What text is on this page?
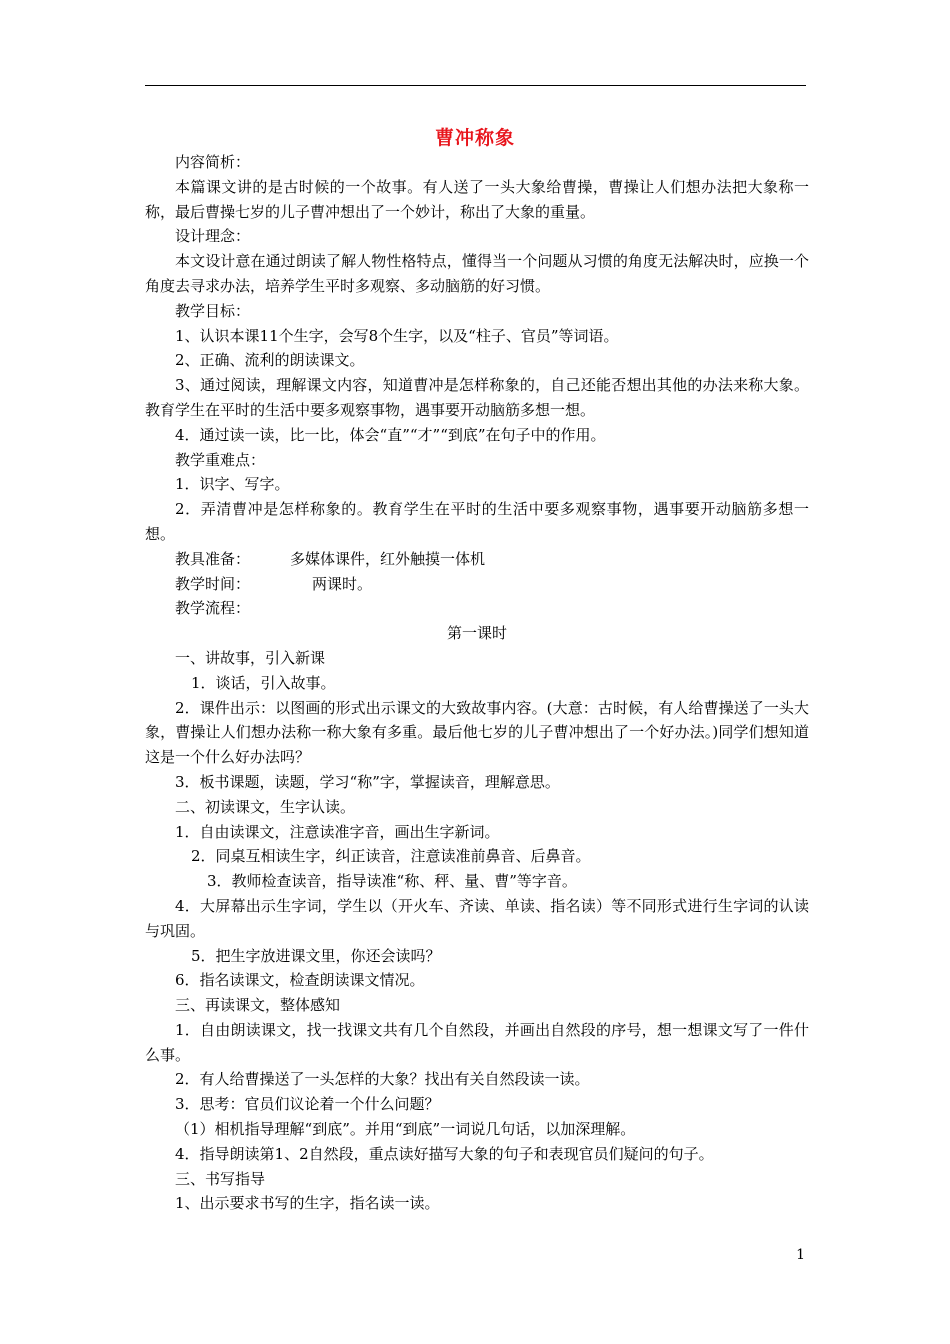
曹冲称象

内容简析：

本篇课文讲的是古时候的一个故事。有人送了一头大象给曹操，曹操让人们想办法把大象称一称，最后曹操七岁的儿子曹冲想出了一个妙计，称出了大象的重量。

设计理念：

本文设计意在通过朗读了解人物性格特点，懂得当一个问题从习惯的角度无法解决时，应换一个角度去寻求办法，培养学生平时多观察、多动脑筋的好习惯。

教学目标：

1、认识本课11个生字，会写8个生字，以及“柱子、官员”等词语。

2、正确、流利的朗读课文。

3、通过阅读，理解课文内容，知道曹冲是怎样称象的，自己还能否想出其他的办法来称大象。教育学生在平时的生活中要多观察事物，遇事要开动脑筋多想一想。

4．通过读一读，比一比，体会“直”“才”“到底”在句子中的作用。

教学重难点：

1．识字、写字。

2．弄清曹冲是怎样称象的。教育学生在平时的生活中要多观察事物，遇事要开动脑筋多想一想。

教具准备：	多媒体课件，红外触摸一体机

教学时间：	两课时。

教学流程：

第一课时

一、讲故事，引入新课

1．谈话，引入故事。

2．课件出示：以图画的形式出示课文的大致故事内容。(大意：古时候，有人给曹操送了一头大象，曹操让人们想办法称一称大象有多重。最后他七岁的儿子曹冲想出了一个好办法。)同学们想知道这是一个什么好办法吗？

3．板书课题，读题，学习“称”字，掌握读音，理解意思。

二、初读课文，生字认读。

1．自由读课文，注意读准字音，画出生字新词。

2．同桌互相读生字，纠正读音，注意读准前鼻音、后鼻音。

3．教师检查读音，指导读准“称、秤、量、曹”等字音。

4．大屏幕出示生字词，学生以（开火车、齐读、单读、指名读）等不同形式进行生字词的认读与巩固。

5．把生字放进课文里，你还会读吗？

6．指名读课文，检查朗读课文情况。

三、再读课文，整体感知

1．自由朗读课文，找一找课文共有几个自然段，并画出自然段的序号，想一想课文写了一件什么事。

2．有人给曹操送了一头怎样的大象？找出有关自然段读一读。

3．思考：官员们议论着一个什么问题？

（1）相机指导理解“到底”。并用“到底”一词说几句话，以加深理解。

4．指导朗读第1、2自然段，重点读好描写大象的句子和表现官员们疑问的句子。

三、书写指导

1、出示要求书写的生字，指名读一读。

1
